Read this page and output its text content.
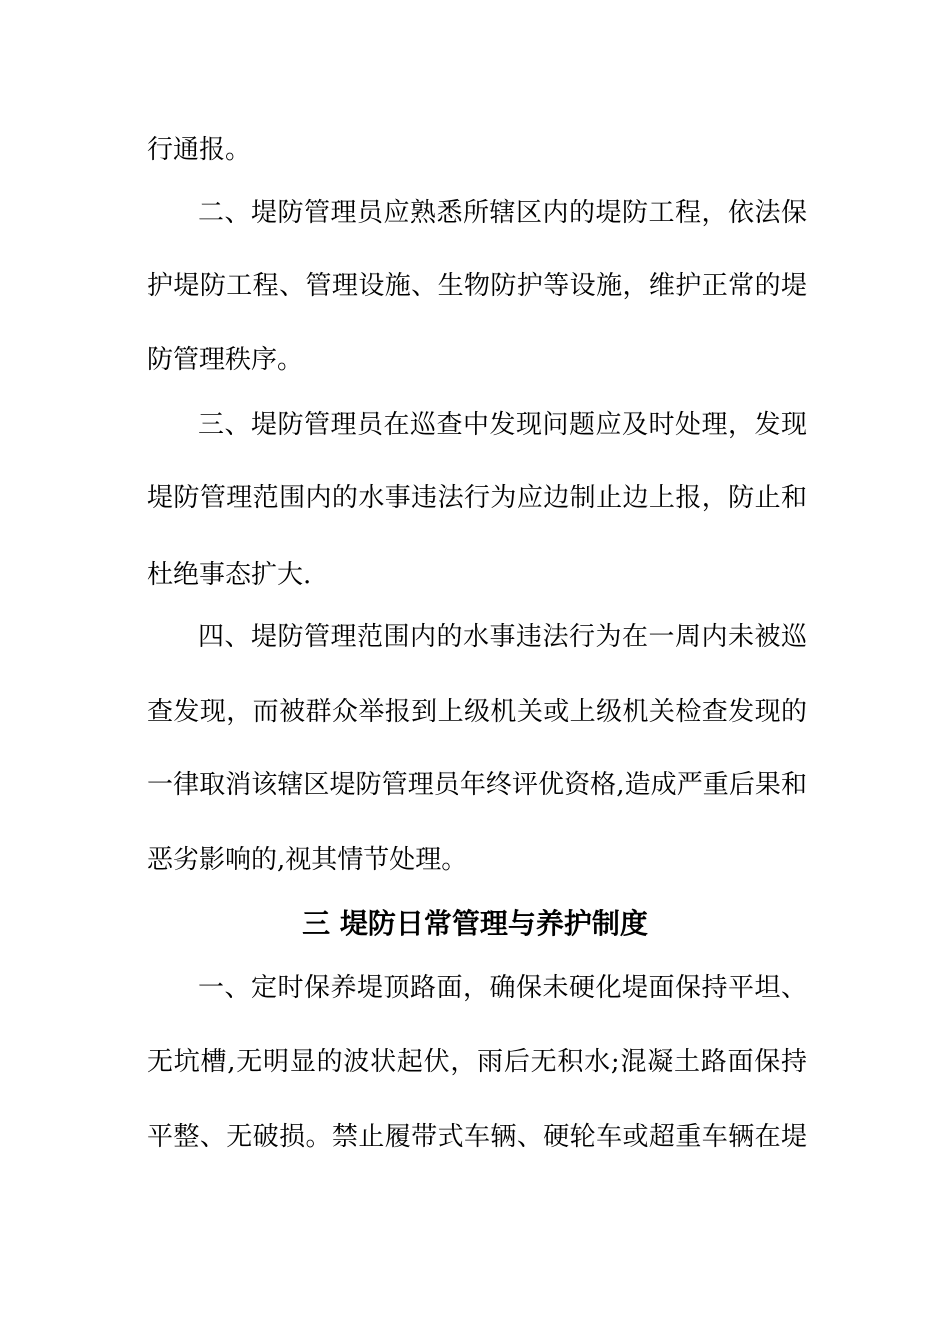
行通报。
二、堤防管理员应熟悉所辖区内的堤防工程，依法保
护堤防工程、管理设施、生物防护等设施，维护正常的堤
防管理秩序。
三、堤防管理员在巡查中发现问题应及时处理，发现
堤防管理范围内的水事违法行为应边制止边上报，防止和
杜绝事态扩大.
四、堤防管理范围内的水事违法行为在一周内未被巡
查发现，而被群众举报到上级机关或上级机关检查发现的
一律取消该辖区堤防管理员年终评优资格,造成严重后果和
恶劣影响的,视其情节处理。
三 堤防日常管理与养护制度
一、定时保养堤顶路面，确保未硬化堤面保持平坦、
无坑槽,无明显的波状起伏，雨后无积水;混凝土路面保持
平整、无破损。禁止履带式车辆、硬轮车或超重车辆在堤
